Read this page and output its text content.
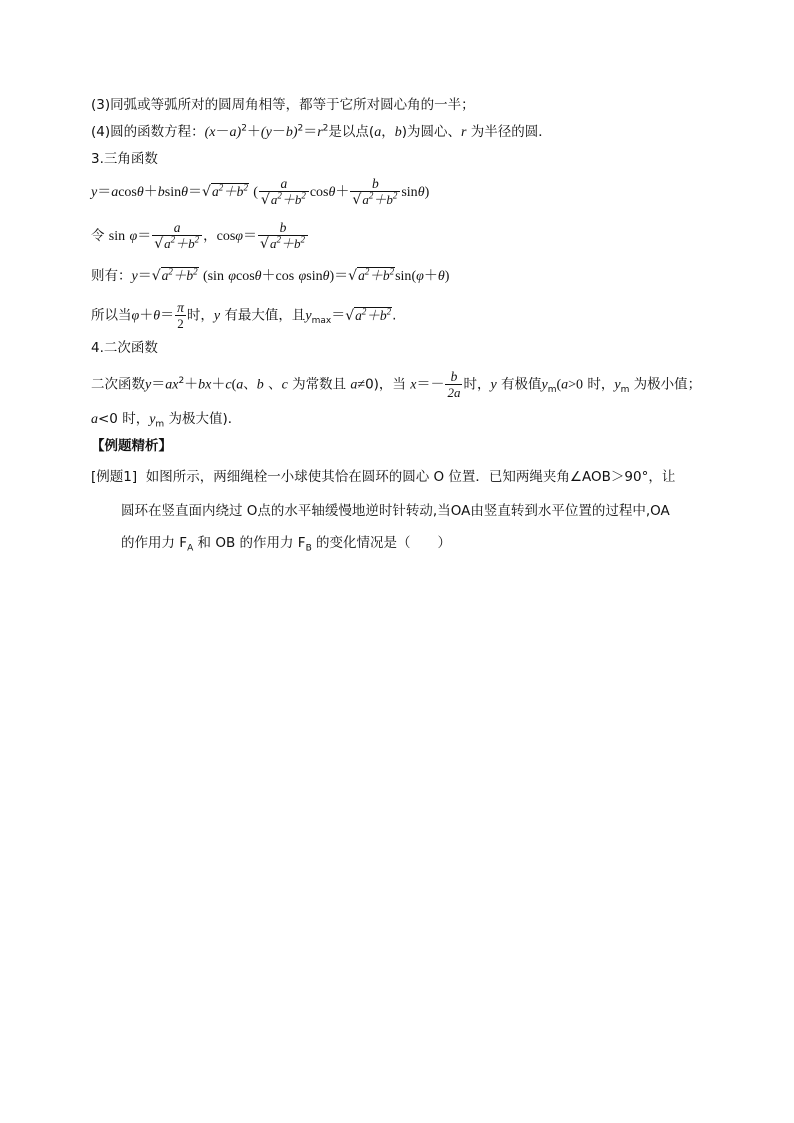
(3)同弧或等弧所对的圆周角相等，都等于它所对圆心角的一半；
(4)圆的函数方程：$(x-a)^2+(y-b)^2=r^2$是以点(a，b)为圆心、r 为半径的圆．
3.三角函数
$y=acos\theta+bsin\theta=√a^2+b^2$ ( $\frac{a}{√a^2+b^2} \cos\theta+ \frac{b}{√a^2+b^2} \sin\theta$)
令 $\sin \varphi= \frac{a}{√a^2+b^2}$ ，$\cos\varphi= \frac{b}{√a^2+b^2}$
则有：$y=√a^2+b^2$ (sin φcosθ＋cos $\varphi\sin\theta)=√a^2+b^2\sin(\varphi+\theta)$
所以当$\varphi+\theta= \frac{\pi}{2}$ 时，y 有最大值，且$y_{max}=√a^2+b^2$.
4.二次函数
二次函数$y=ax^2+bx+c(a$、b 、c 为常数且 a≠0)，当 $x=- \frac{b}{2a}$ 时，y 有极值$y_m(a>0$ 时，$y_m$ 为极小值；
a<0 时，$y_m$ 为极大值)．
【例题精析】
[例题1] 如图所示，两细绳栓一小球使其恰在圆环的圆心 O 位置．已知两绳夹角∠AOB＞90°，让
圆环在竖直面内绕过 O点的水平轴缓慢地逆时针转动,当OA由竖直转到水平位置的过程中,OA
的作用力 $F_A$ 和 OB 的作用力 $F_B$ 的变化情况是（　　）
